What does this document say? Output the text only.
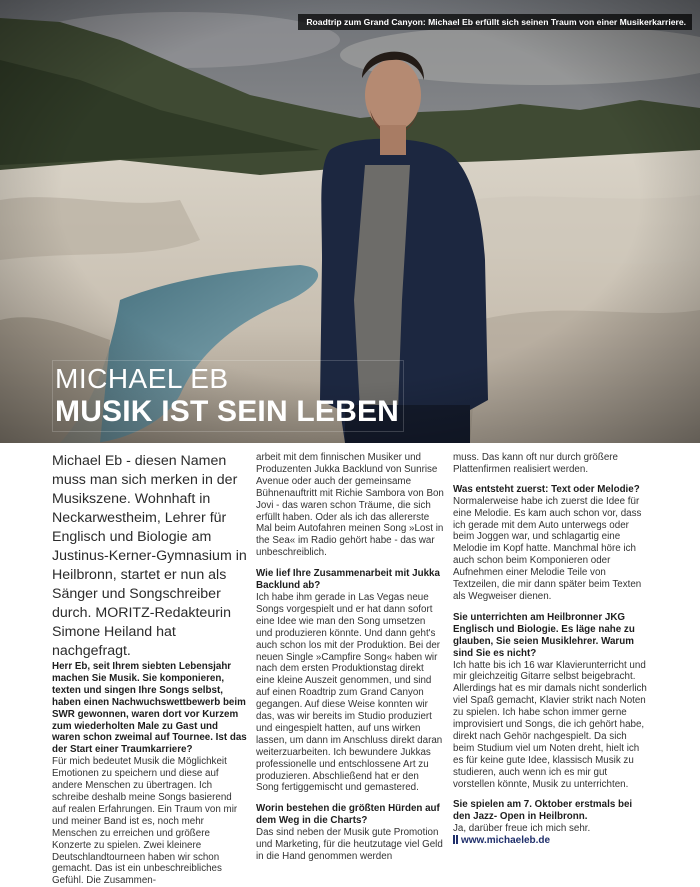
Roadtrip zum Grand Canyon: Michael Eb erfüllt sich seinen Traum von einer Musikerkarriere.
MICHAEL EB
MUSIK IST SEIN LEBEN

Michael Eb - diesen Namen muss man sich merken in der Musikszene. Wohnhaft in Neckarwestheim, Lehrer für Englisch und Biologie am Justinus-Kerner-Gymnasium in Heilbronn, startet er nun als Sänger und Songschreiber durch. MORITZ-Redakteurin Simone Heiland hat nachgefragt.

Herr Eb, seit Ihrem siebten Lebensjahr machen Sie Musik. Sie komponieren, texten und singen Ihre Songs selbst, haben einen Nachwuchswettbewerb beim SWR gewonnen, waren dort vor Kurzem zum wiederholten Male zu Gast und waren schon zweimal auf Tournee. Ist das der Start einer Traumkarriere?

Für mich bedeutet Musik die Möglichkeit Emotionen zu speichern und diese auf andere Menschen zu übertragen. Ich schreibe deshalb meine Songs basierend auf realen Erfahrungen. Ein Traum von mir und meiner Band ist es, noch mehr Menschen zu erreichen und größere Konzerte zu spielen. Zwei kleinere Deutschlandtourneen haben wir schon gemacht. Das ist ein unbeschreibliches Gefühl. Die Zusammen-

arbeit mit dem finnischen Musiker und Produzenten Jukka Backlund von Sunrise Avenue oder auch der gemeinsame Bühnenauftritt mit Richie Sambora von Bon Jovi - das waren schon Träume, die sich erfüllt haben. Oder als ich das allererste Mal beim Autofahren meinen Song »Lost in the Sea« im Radio gehört habe - das war unbeschreiblich.

Wie lief Ihre Zusammenarbeit mit Jukka Backlund ab?

Ich habe ihm gerade in Las Vegas neue Songs vorgespielt und er hat dann sofort eine Idee wie man den Song umsetzen und produzieren könnte. Und dann geht's auch schon los mit der Produktion. Bei der neuen Single »Campfire Song« haben wir nach dem ersten Produktionstag direkt eine kleine Auszeit genommen, und sind auf einen Roadtrip zum Grand Canyon gegangen. Auf diese Weise konnten wir das, was wir bereits im Studio produziert und eingespielt hatten, auf uns wirken lassen, um dann im Anschluss direkt daran weiterzuarbeiten. Ich bewundere Jukkas professionelle und entschlossene Art zu produzieren. Abschließend hat er den Song fertiggemischt und gemastered.

Worin bestehen die größten Hürden auf dem Weg in die Charts?

Das sind neben der Musik gute Promotion und Marketing, für die heutzutage viel Geld in die Hand genommen werden

muss. Das kann oft nur durch größere Plattenfirmen realisiert werden.

Was entsteht zuerst: Text oder Melodie?

Normalerweise habe ich zuerst die Idee für eine Melodie. Es kam auch schon vor, dass ich gerade mit dem Auto unterwegs oder beim Joggen war, und schlagartig eine Melodie im Kopf hatte. Manchmal höre ich auch schon beim Komponieren oder Aufnehmen einer Melodie Teile von Textzeilen, die mir dann später beim Texten als Wegweiser dienen.

Sie unterrichten am Heilbronner JKG Englisch und Biologie. Es läge nahe zu glauben, Sie seien Musiklehrer. Warum sind Sie es nicht?

Ich hatte bis ich 16 war Klavierunterricht und mir gleichzeitig Gitarre selbst beigebracht. Allerdings hat es mir damals nicht sonderlich viel Spaß gemacht, Klavier strikt nach Noten zu spielen. Ich habe schon immer gerne improvisiert und Songs, die ich gehört habe, direkt nach Gehör nachgespielt. Da sich beim Studium viel um Noten dreht, hielt ich es für keine gute Idee, klassisch Musik zu studieren, auch wenn ich es mir gut vorstellen könnte, Musik zu unterrichten.

Sie spielen am 7. Oktober erstmals bei den Jazz- Open in Heilbronn.

Ja, darüber freue ich mich sehr.

www.michaeleb.de
